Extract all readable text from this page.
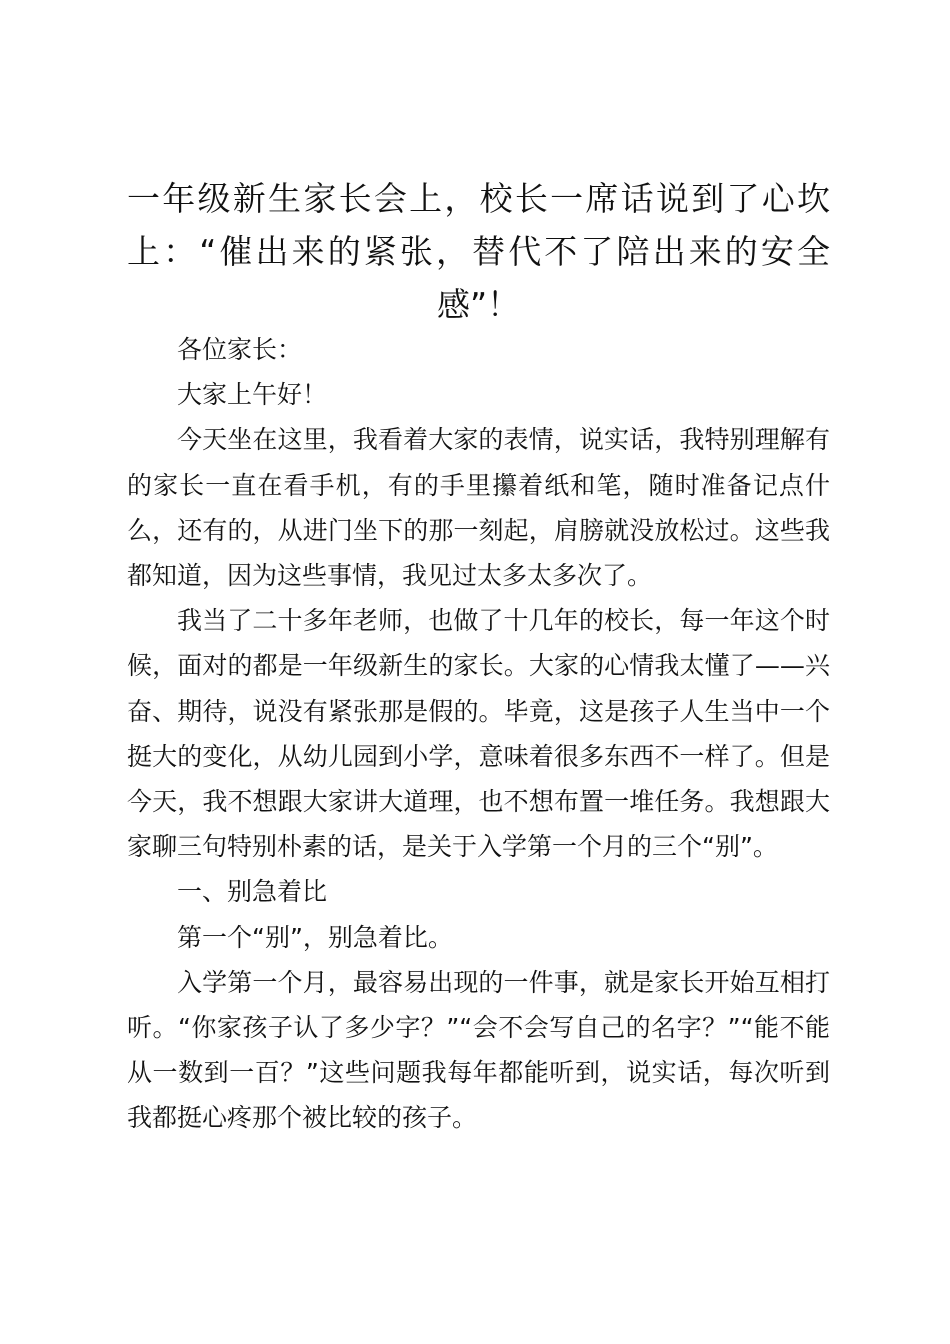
一年级新生家长会上，校长一席话说到了心坎上：“催出来的紧张，替代不了陪出来的安全感”！

各位家长：

大家上午好！

今天坐在这里，我看着大家的表情，说实话，我特别理解有的家长一直在看手机，有的手里攥着纸和笔，随时准备记点什么，还有的，从进门坐下的那一刻起，肩膀就没放松过。这些我都知道，因为这些事情，我见过太多太多次了。

我当了二十多年老师，也做了十几年的校长，每一年这个时候，面对的都是一年级新生的家长。大家的心情我太懂了——兴奋、期待，说没有紧张那是假的。毕竟，这是孩子人生当中一个挺大的变化，从幼儿园到小学，意味着很多东西不一样了。但是今天，我不想跟大家讲大道理，也不想布置一堆任务。我想跟大家聊三句特别朴素的话，是关于入学第一个月的三个“别”。

一、别急着比

第一个“别”，别急着比。

入学第一个月，最容易出现的一件事，就是家长开始互相打听。“你家孩子认了多少字？”“会不会写自己的名字？”“能不能从一数到一百？”这些问题我每年都能听到，说实话，每次听到我都挺心疼那个被比较的孩子。
